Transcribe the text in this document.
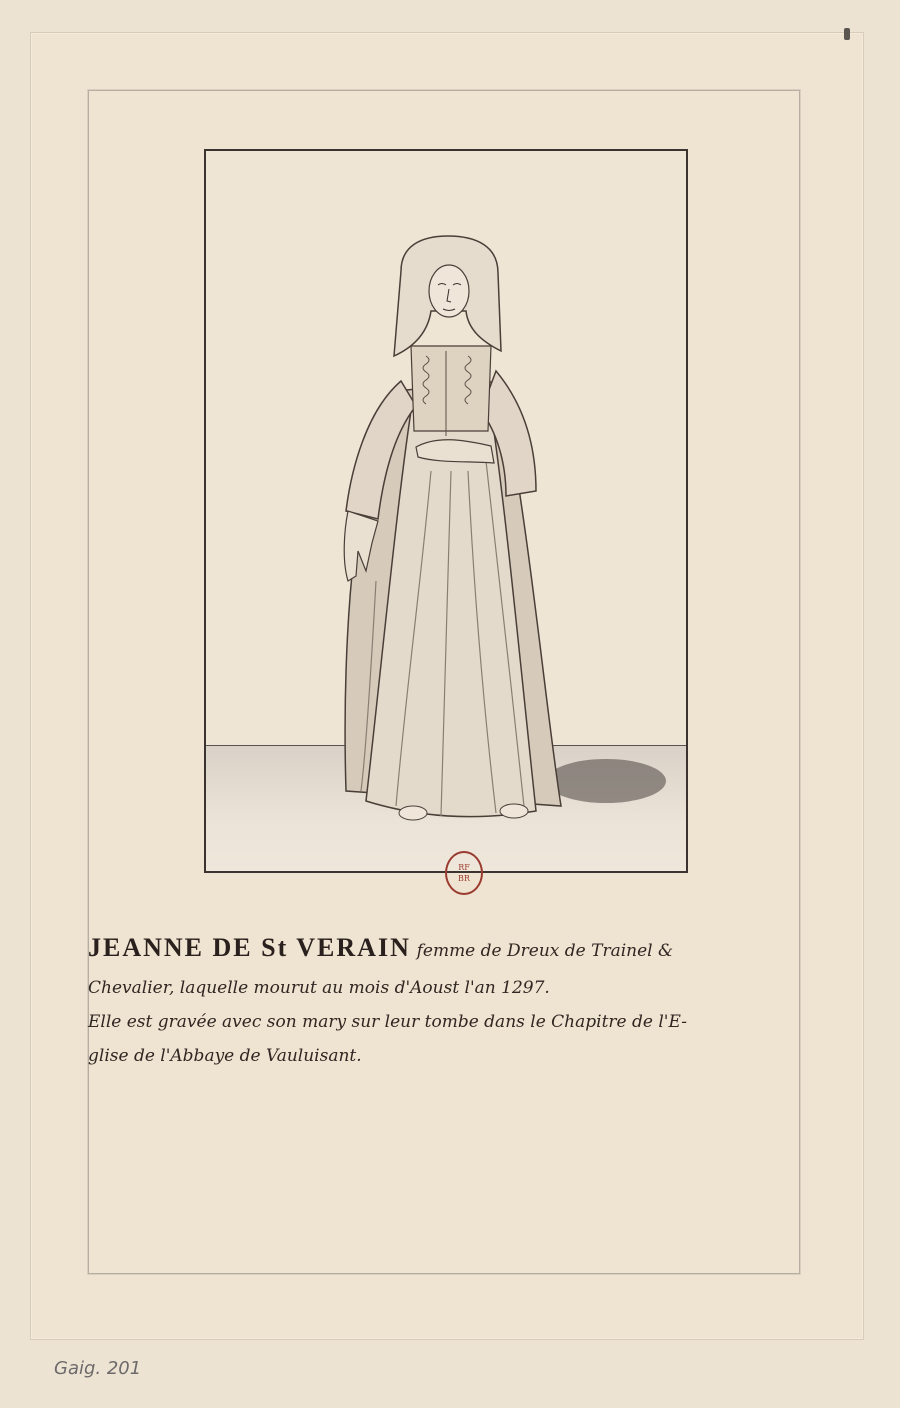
RF
BR
JEANNE DE St VERAIN femme de Dreux de Trainel &
Chevalier, laquelle mourut au mois d'Aoust l'an 1297.
Elle est gravée avec son mary sur leur tombe dans le Chapitre de l'E-
glise de l'Abbaye de Vauluisant.
Gaig. 201
